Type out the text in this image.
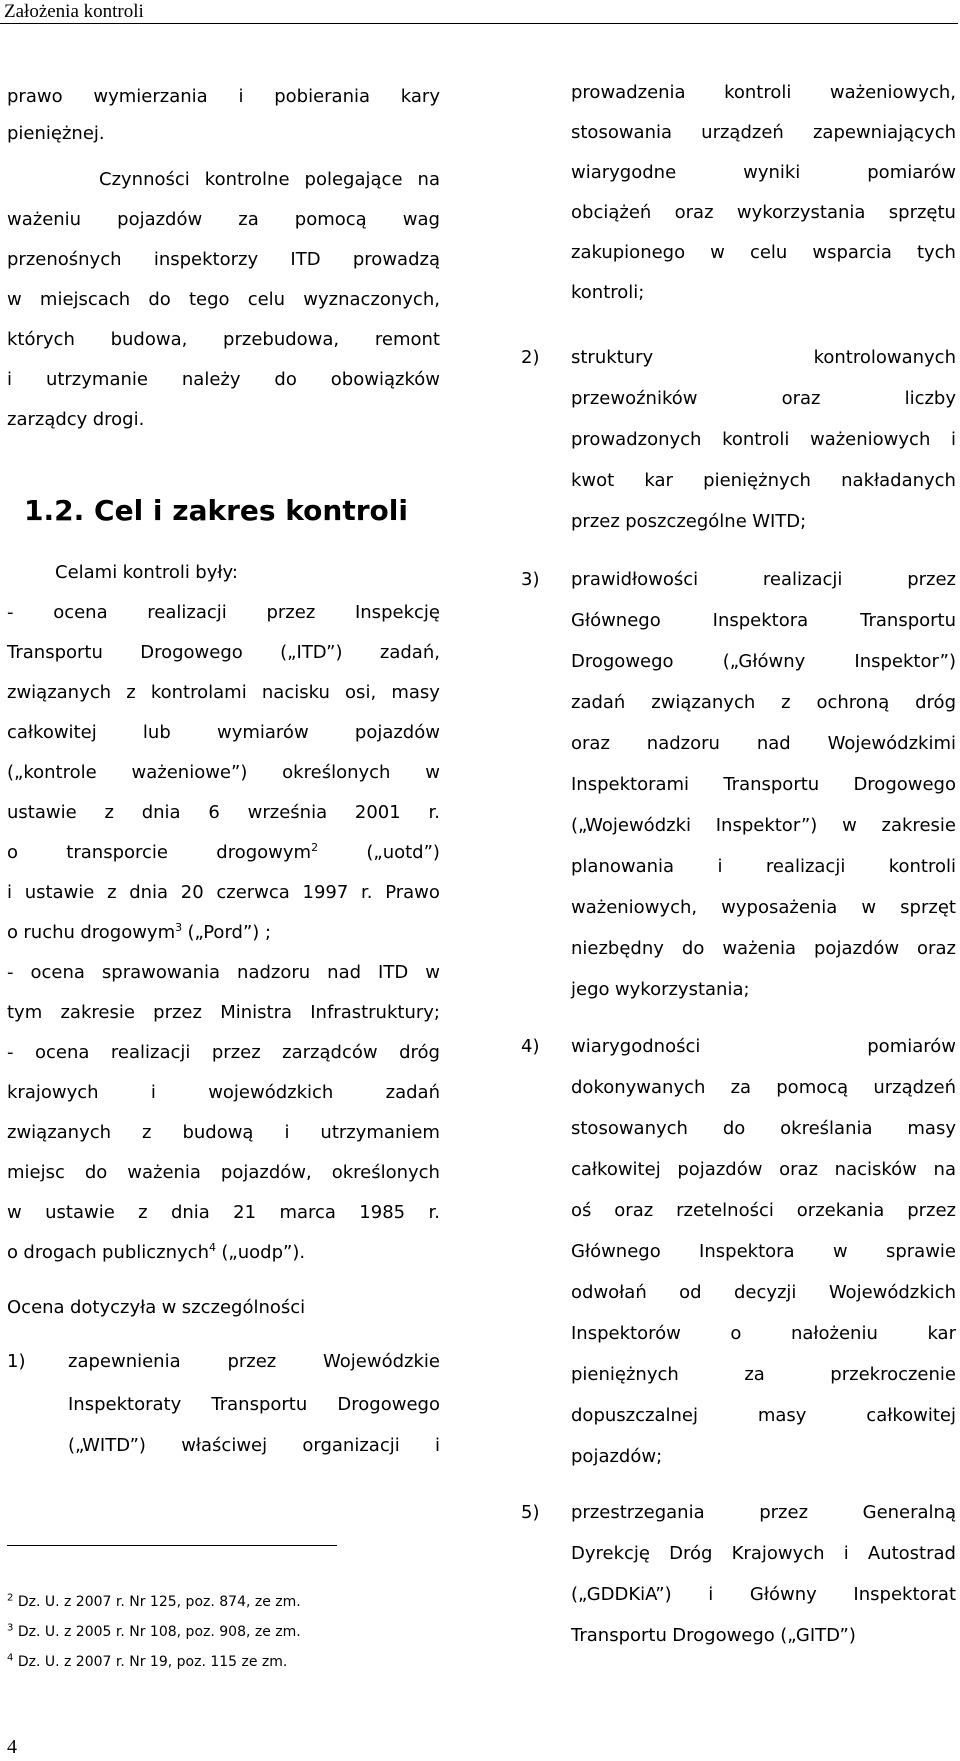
Założenia kontroli
prawo wymierzania i pobierania kary
pieniężnej.
Czynności kontrolne polegające na
ważeniu pojazdów za pomocą wag
przenośnych inspektorzy ITD prowadzą
w miejscach do tego celu wyznaczonych,
których budowa, przebudowa, remont
i utrzymanie należy do obowiązków
zarządcy drogi.
Celami kontroli były:
- ocena realizacji przez Inspekcję
Transportu Drogowego („ITD”) zadań,
związanych z kontrolami nacisku osi, masy
całkowitej	lub	wymiarów	pojazdów
(„kontrole ważeniowe”) określonych w
ustawie z dnia 6 września 2001 r.
o	transporcie	drogowym$^2$	(„uotd”)
i ustawie z dnia 20 czerwca 1997 r. Prawo
o ruchu drogowym$^3$ („Pord”) ;
- ocena sprawowania nadzoru nad ITD w
tym zakresie przez Ministra Infrastruktury;
- ocena realizacji przez zarządców dróg
krajowych	i	wojewódzkich	zadań
związanych z budową i utrzymaniem
miejsc do ważenia pojazdów, określonych
w ustawie z dnia 21 marca 1985 r.
o drogach publicznych$^4$ („uodp”).
Ocena dotyczyła w szczególności
1) zapewnienia	przez	Wojewódzkie
Inspektoraty Transportu Drogowego
(„WITD”) właściwej organizacji i
1.2. Cel i zakres kontroli
prowadzenia kontroli ważeniowych,
stosowania urządzeń zapewniających
wiarygodne	wyniki	pomiarów
obciążeń oraz wykorzystania sprzętu
zakupionego w celu wsparcia tych
kontroli;
2) struktury	kontrolowanych
przewoźników	oraz	liczby
prowadzonych kontroli ważeniowych i
kwot kar pieniężnych nakładanych
przez poszczególne WITD;
3) prawidłowości	realizacji	przez
Głównego	Inspektora	Transportu
Drogowego	(„Główny	Inspektor”)
zadań związanych z ochroną dróg
oraz nadzoru nad Wojewódzkimi
Inspektorami Transportu Drogowego
(„Wojewódzki Inspektor”) w zakresie
planowania i realizacji kontroli
ważeniowych, wyposażenia w sprzęt
niezbędny do ważenia pojazdów oraz
jego wykorzystania;
4) wiarygodności	pomiarów
dokonywanych za pomocą urządzeń
stosowanych do określania masy
całkowitej pojazdów oraz nacisków na
oś oraz rzetelności orzekania przez
Głównego Inspektora w sprawie
odwołań od decyzji Wojewódzkich
Inspektorów	o	nałożeniu	kar
pieniężnych	za	przekroczenie
dopuszczalnej	masy	całkowitej
pojazdów;
5) przestrzegania	przez	Generalną
Dyrekcję Dróg Krajowych i Autostrad
(„GDDKiA”) i Główny Inspektorat
Transportu Drogowego („GITD”)
$^2$ Dz. U. z 2007 r. Nr 125, poz. 874, ze zm.
$^3$ Dz. U. z 2005 r. Nr 108, poz. 908, ze zm.
$^4$ Dz. U. z 2007 r. Nr 19, poz. 115 ze zm.
4
